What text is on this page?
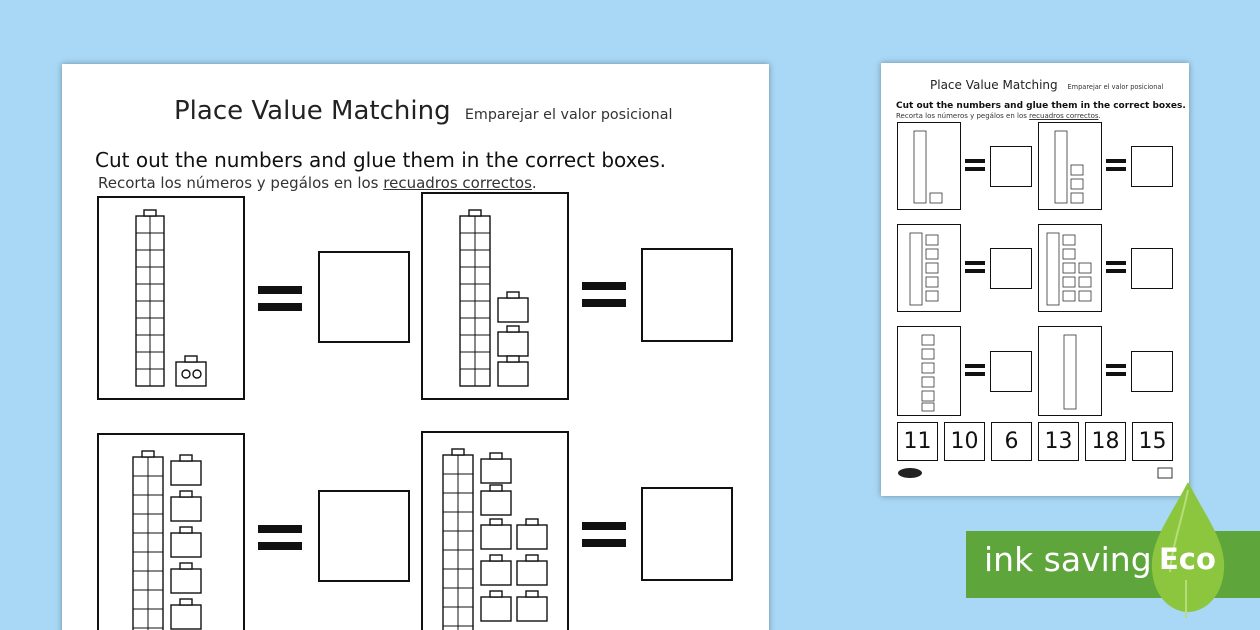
Place Value Matching Emparejar el valor posicional
Cut out the numbers and glue them in the correct boxes.
Recorta los números y pegálos en los recuadros correctos.
Place Value Matching Emparejar el valor posicional
Cut out the numbers and glue them in the correct boxes.
Recorta los números y pegálos en los recuadros correctos.
11 10	6	13 18 15
ink saving Eco
